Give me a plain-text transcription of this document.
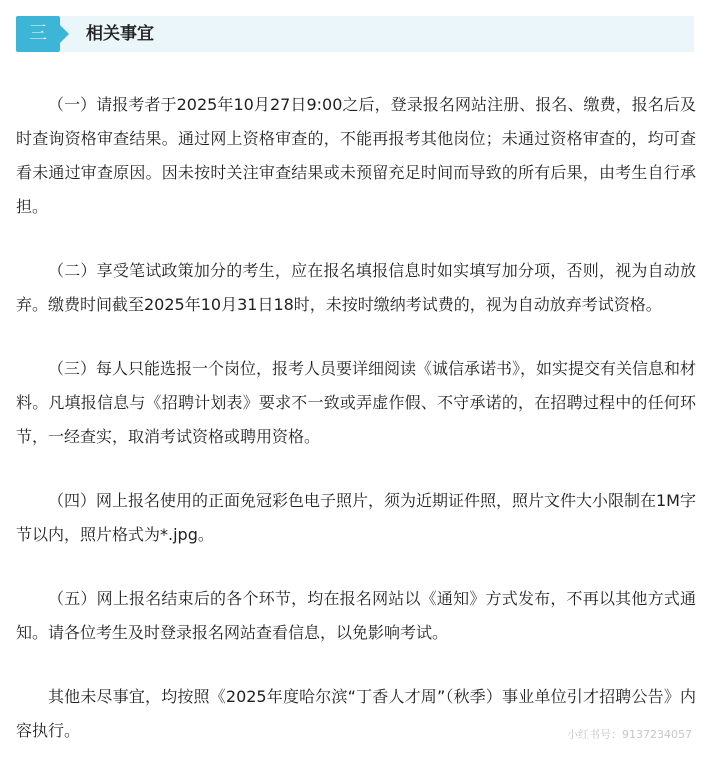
三	相关事宜

（一）请报考者于2025年10月27日9:00之后，登录报名网站注册、报名、缴费，报名后及时查询资格审查结果。通过网上资格审查的，不能再报考其他岗位；未通过资格审查的，均可查看未通过审查原因。因未按时关注审查结果或未预留充足时间而导致的所有后果，由考生自行承担。

（二）享受笔试政策加分的考生，应在报名填报信息时如实填写加分项，否则，视为自动放弃。缴费时间截至2025年10月31日18时，未按时缴纳考试费的，视为自动放弃考试资格。

（三）每人只能选报一个岗位，报考人员要详细阅读《诚信承诺书》，如实提交有关信息和材料。凡填报信息与《招聘计划表》要求不一致或弄虚作假、不守承诺的，在招聘过程中的任何环节，一经查实，取消考试资格或聘用资格。

（四）网上报名使用的正面免冠彩色电子照片，须为近期证件照，照片文件大小限制在1M字节以内，照片格式为*.jpg。

（五）网上报名结束后的各个环节，均在报名网站以《通知》方式发布，不再以其他方式通知。请各位考生及时登录报名网站查看信息，以免影响考试。

其他未尽事宜，均按照《2025年度哈尔滨“丁香人才周”（秋季）事业单位引才招聘公告》内容执行。	小红书号：9137234057
